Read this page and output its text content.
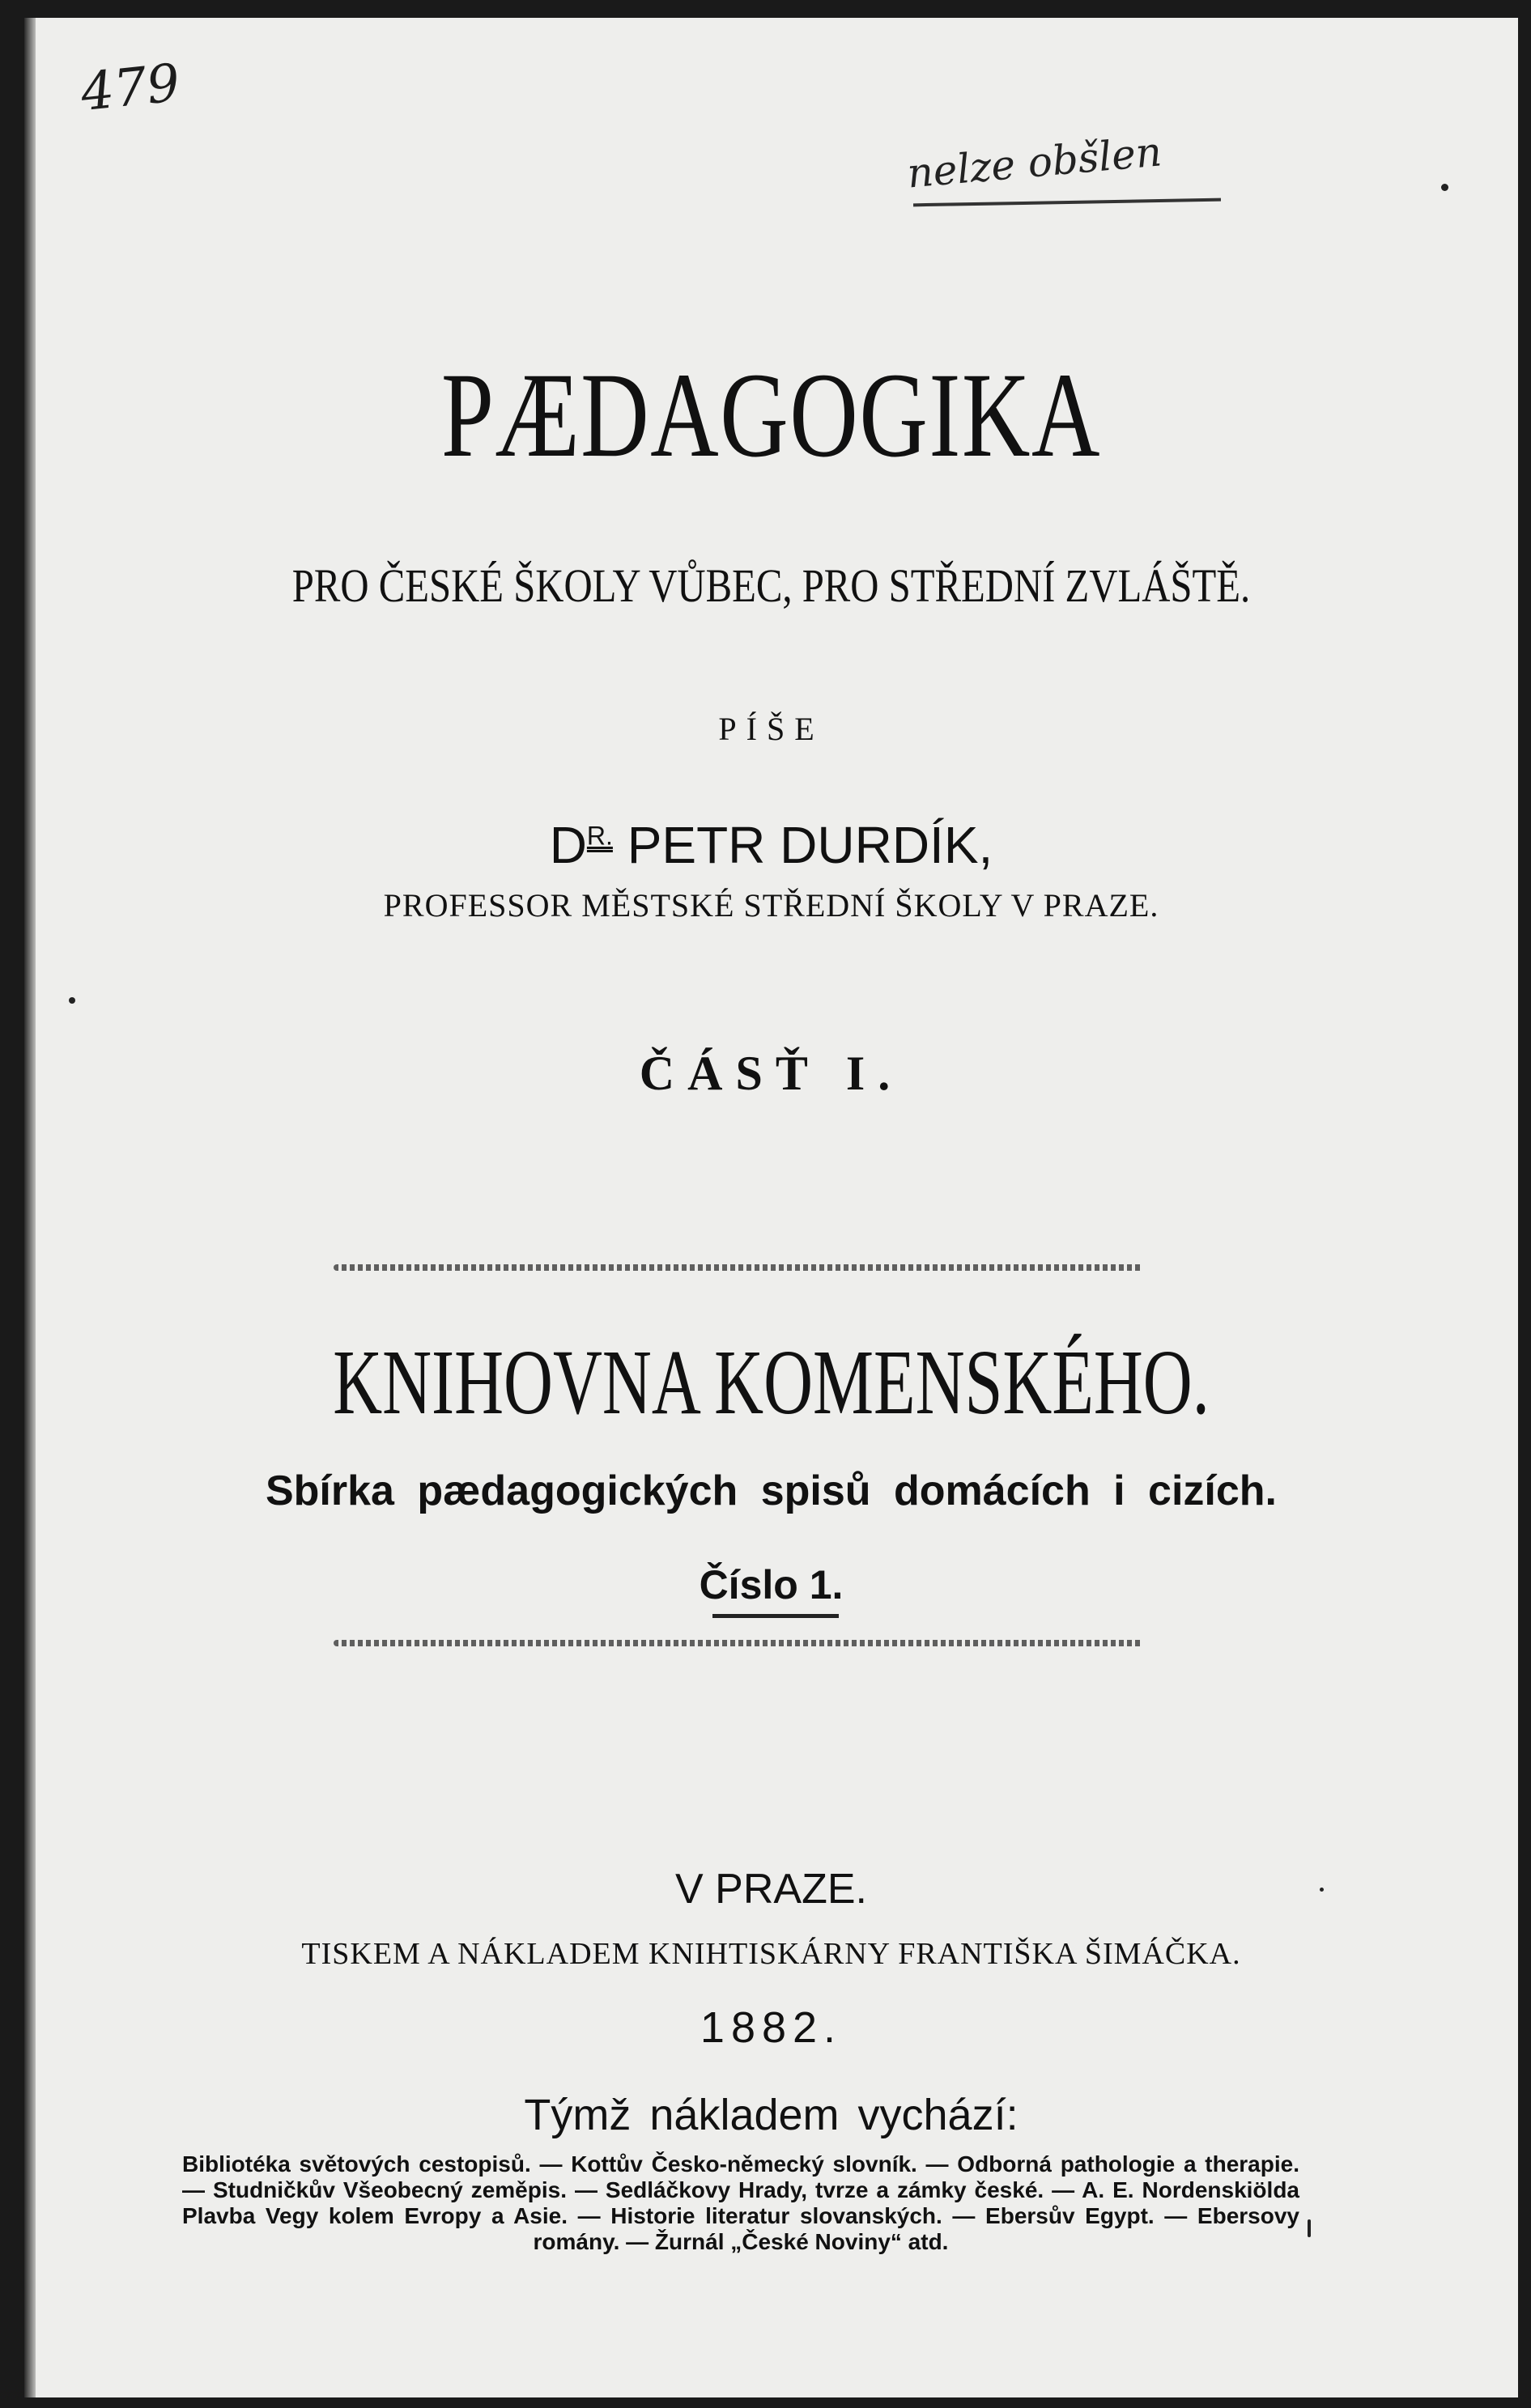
479
nelze obšlen
PÆDAGOGIKA
PRO ČESKÉ ŠKOLY VŮBEC, PRO STŘEDNÍ ZVLÁŠTĚ.
PÍŠE
$D^{R.}$ PETR DURDÍK,
PROFESSOR MĚSTSKÉ STŘEDNÍ ŠKOLY V PRAZE.
ČÁSŤ I.
KNIHOVNA KOMENSKÉHO.
Sbírka pædagogických spisů domácích i cizích.
Číslo 1.
V PRAZE.
TISKEM A NÁKLADEM KNIHTISKÁRNY FRANTIŠKA ŠIMÁČKA.
1882.
Týmž nákladem vychází:
Bibliotéka světových cestopisů. — Kottův Česko-německý slovník. — Odborná pathologie a therapie. — Studničkův Všeobecný zeměpis. — Sedláčkovy Hrady, tvrze a zámky české. — A. E. Nordenskiölda Plavba Vegy kolem Evropy a Asie. — Historie literatur slovanských. — Ebersův Egypt. — Ebersovy romány. — Žurnál „České Noviny“ atd.
